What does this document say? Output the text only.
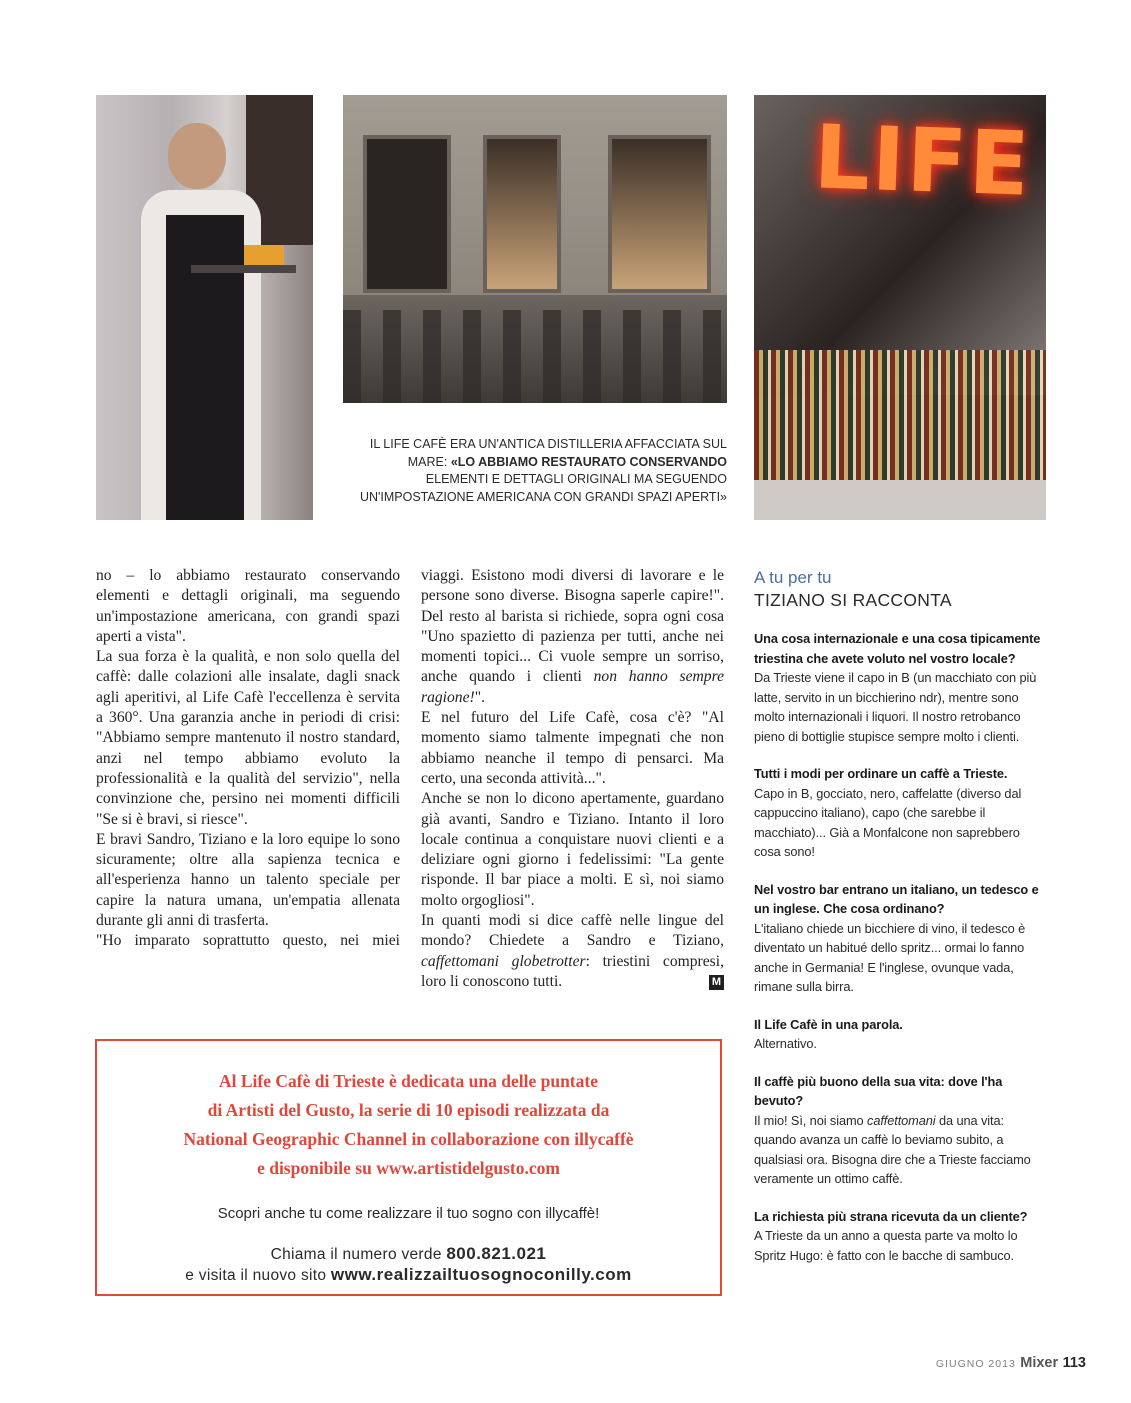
LIFE
IL LIFE CAFÈ ERA UN'ANTICA DISTILLERIA AFFACCIATA SUL
MARE: «LO ABBIAMO RESTAURATO CONSERVANDO
ELEMENTI E DETTAGLI ORIGINALI MA SEGUENDO
UN'IMPOSTAZIONE AMERICANA CON GRANDI SPAZI APERTI»

no – lo abbiamo restaurato conservando elementi e dettagli originali, ma seguendo un'impostazione americana, con grandi spazi aperti a vista".

La sua forza è la qualità, e non solo quella del caffè: dalle colazioni alle insalate, dagli snack agli aperitivi, al Life Cafè l'eccellenza è servita a 360°. Una garanzia anche in periodi di crisi: "Abbiamo sempre mantenuto il nostro standard, anzi nel tempo abbiamo evoluto la professionalità e la qualità del servizio", nella convinzione che, persino nei momenti difficili "Se si è bravi, si riesce".

E bravi Sandro, Tiziano e la loro equipe lo sono sicuramente; oltre alla sapienza tecnica e all'esperienza hanno un talento speciale per capire la natura umana, un'empatia allenata durante gli anni di trasferta.

"Ho imparato soprattutto questo, nei miei

viaggi. Esistono modi diversi di lavorare e le persone sono diverse. Bisogna saperle capire!". Del resto al barista si richiede, sopra ogni cosa "Uno spazietto di pazienza per tutti, anche nei momenti topici... Ci vuole sempre un sorriso, anche quando i clienti non hanno sempre ragione!".

E nel futuro del Life Cafè, cosa c'è? "Al momento siamo talmente impegnati che non abbiamo neanche il tempo di pensarci. Ma certo, una seconda attività...".

Anche se non lo dicono apertamente, guardano già avanti, Sandro e Tiziano. Intanto il loro locale continua a conquistare nuovi clienti e a deliziare ogni giorno i fedelissimi: "La gente risponde. Il bar piace a molti. E sì, noi siamo molto orgogliosi".

In quanti modi si dice caffè nelle lingue del mondo? Chiedete a Sandro e Tiziano, caffettomani globetrotter: triestini compresi, loro li conoscono tutti.	M

A tu per tu
TIZIANO SI RACCONTA
Una cosa internazionale e una cosa tipicamente triestina che avete voluto nel vostro locale?
Da Trieste viene il capo in B (un macchiato con più latte, servito in un bicchierino ndr), mentre sono molto internazionali i liquori. Il nostro retrobanco pieno di bottiglie stupisce sempre molto i clienti.
Tutti i modi per ordinare un caffè a Trieste.
Capo in B, gocciato, nero, caffelatte (diverso dal cappuccino italiano), capo (che sarebbe il macchiato)... Già a Monfalcone non saprebbero cosa sono!
Nel vostro bar entrano un italiano, un tedesco e un inglese. Che cosa ordinano?
L'italiano chiede un bicchiere di vino, il tedesco è diventato un habitué dello spritz... ormai lo fanno anche in Germania! E l'inglese, ovunque vada, rimane sulla birra.
Il Life Cafè in una parola.
Alternativo.
Il caffè più buono della sua vita: dove l'ha bevuto?
Il mio! Sì, noi siamo caffettomani da una vita: quando avanza un caffè lo beviamo subito, a qualsiasi ora. Bisogna dire che a Trieste facciamo veramente un ottimo caffè.
La richiesta più strana ricevuta da un cliente?
A Trieste da un anno a questa parte va molto lo Spritz Hugo: è fatto con le bacche di sambuco.
Al Life Cafè di Trieste è dedicata una delle puntate
di Artisti del Gusto, la serie di 10 episodi realizzata da
National Geographic Channel in collaborazione con illycaffè
e disponibile su www.artistidelgusto.com
Scopri anche tu come realizzare il tuo sogno con illycaffè!
Chiama il numero verde 800.821.021
e visita il nuovo sito www.realizzailtuosognoconilly.com
GIUGNO 2013 Mixer 113
